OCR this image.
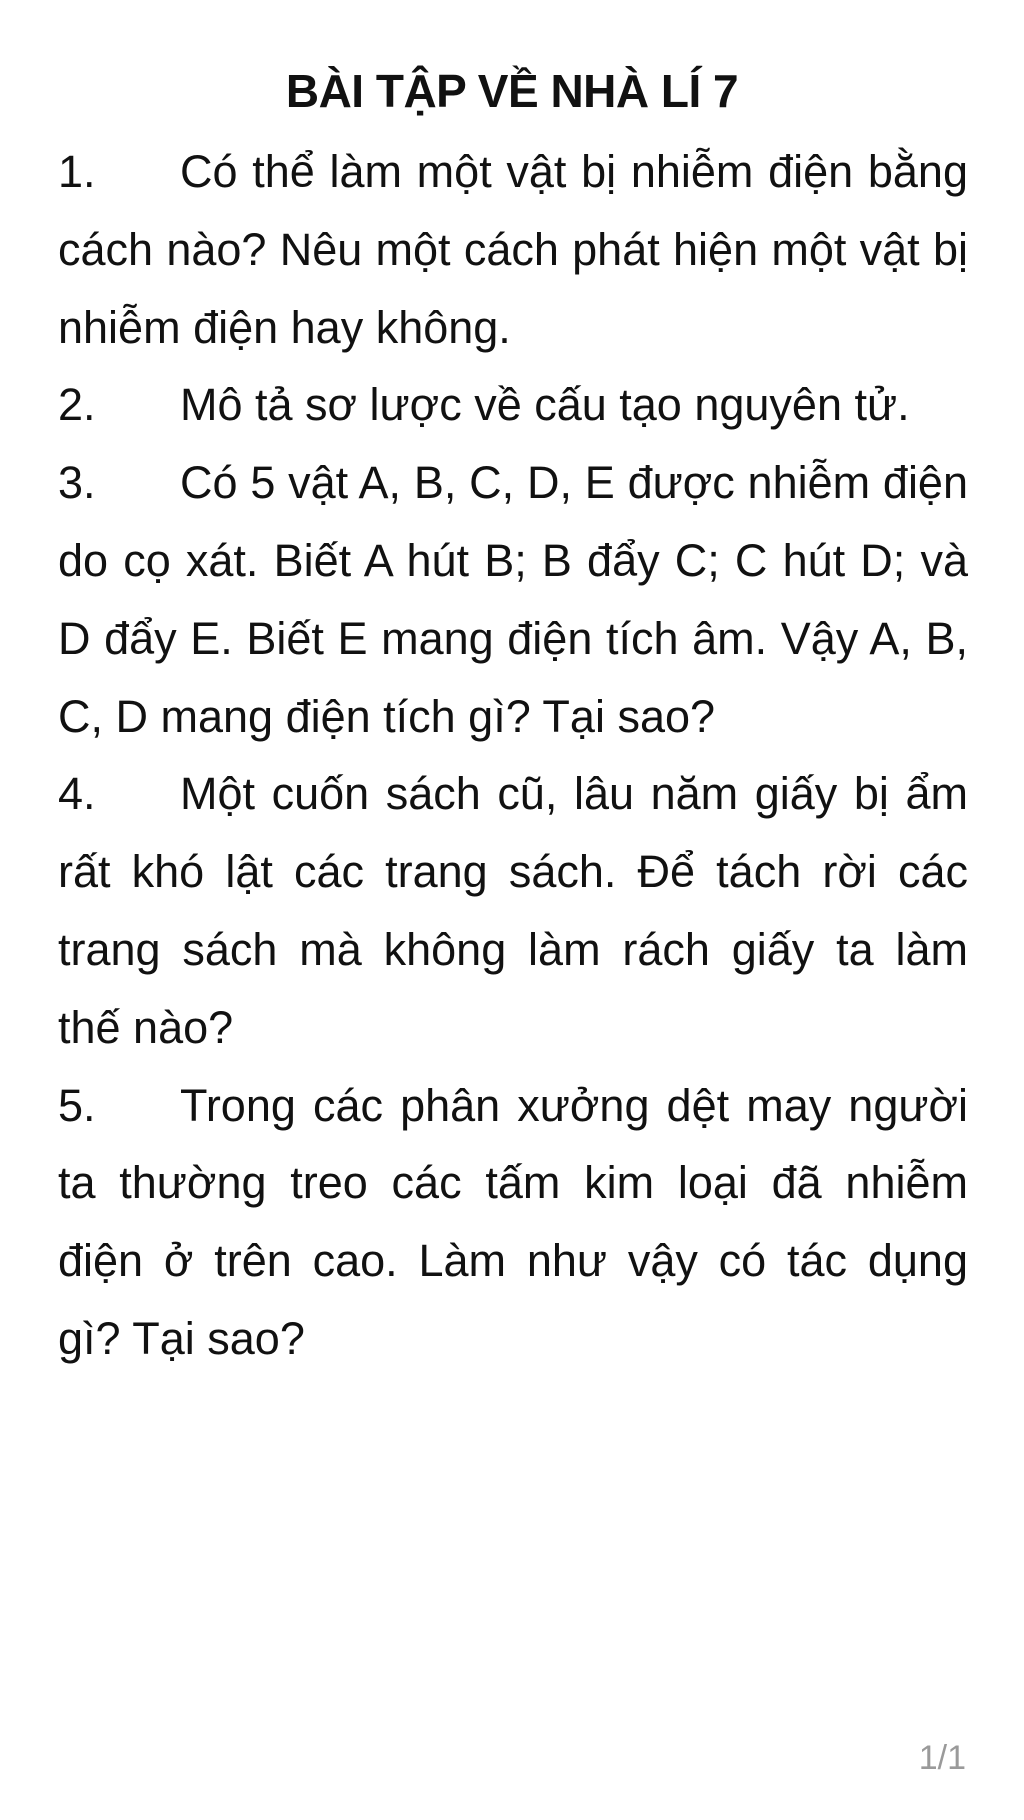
BÀI TẬP VỀ NHÀ LÍ 7
1. Có thể làm một vật bị nhiễm điện bằng cách nào? Nêu một cách phát hiện một vật bị nhiễm điện hay không.
2. Mô tả sơ lược về cấu tạo nguyên tử.
3. Có 5 vật A, B, C, D, E được nhiễm điện do cọ xát. Biết A hút B; B đẩy C; C hút D; và D đẩy E. Biết E mang điện tích âm. Vậy A, B, C, D mang điện tích gì? Tại sao?
4. Một cuốn sách cũ, lâu năm giấy bị ẩm rất khó lật các trang sách. Để tách rời các trang sách mà không làm rách giấy ta làm thế nào?
5. Trong các phân xưởng dệt may người ta thường treo các tấm kim loại đã nhiễm điện ở trên cao. Làm như vậy có tác dụng gì? Tại sao?
1/1
